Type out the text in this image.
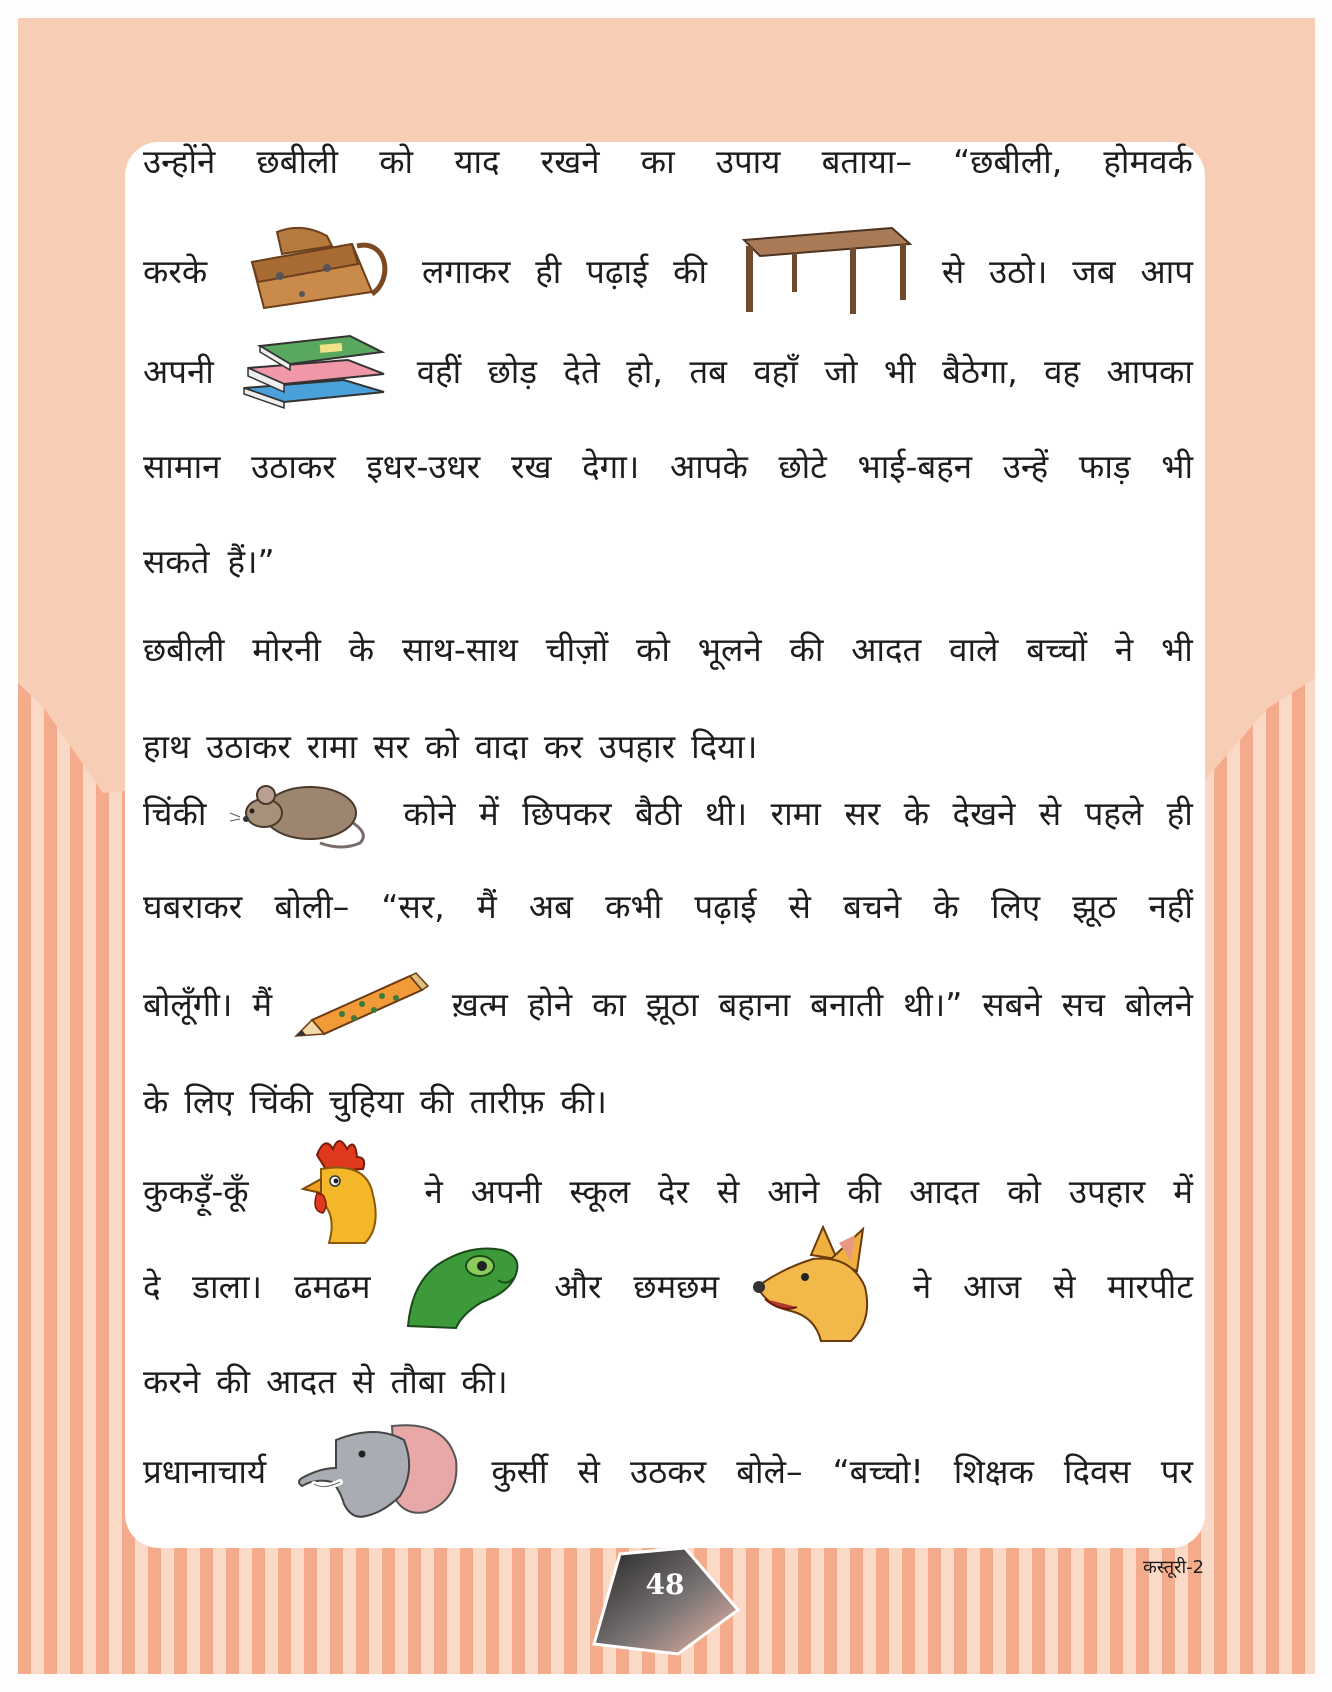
उन्होंने छबीली को याद रखने का उपाय बताया– “छबीली, होमवर्क
करके	लगाकर ही पढ़ाई की	से उठो। जब आप
अपनी	वहीं छोड़ देते हो, तब वहाँ जो भी बैठेगा, वह आपका
सामान उठाकर इधर-उधर रख देगा। आपके छोटे भाई-बहन उन्हें फाड़ भी
सकते हैं।”
छबीली मोरनी के साथ-साथ चीज़ों को भूलने की आदत वाले बच्चों ने भी
हाथ उठाकर रामा सर को वादा कर उपहार दिया।
चिंकी	कोने में छिपकर बैठी थी। रामा सर के देखने से पहले ही
घबराकर बोली– “सर, मैं अब कभी पढ़ाई से बचने के लिए झूठ नहीं
बोलूँगी। मैं	ख़त्म होने का झूठा बहाना बनाती थी।” सबने सच बोलने
के लिए चिंकी चुहिया की तारीफ़ की।
कुकड़ूँ-कूँ	ने अपनी स्कूल देर से आने की आदत को उपहार में
दे डाला। ढमढम	और छमछम	ने आज से मारपीट
करने की आदत से तौबा की।
प्रधानाचार्य	कुर्सी से उठकर बोले– “बच्चो! शिक्षक दिवस पर
48
कस्तूरी-2
